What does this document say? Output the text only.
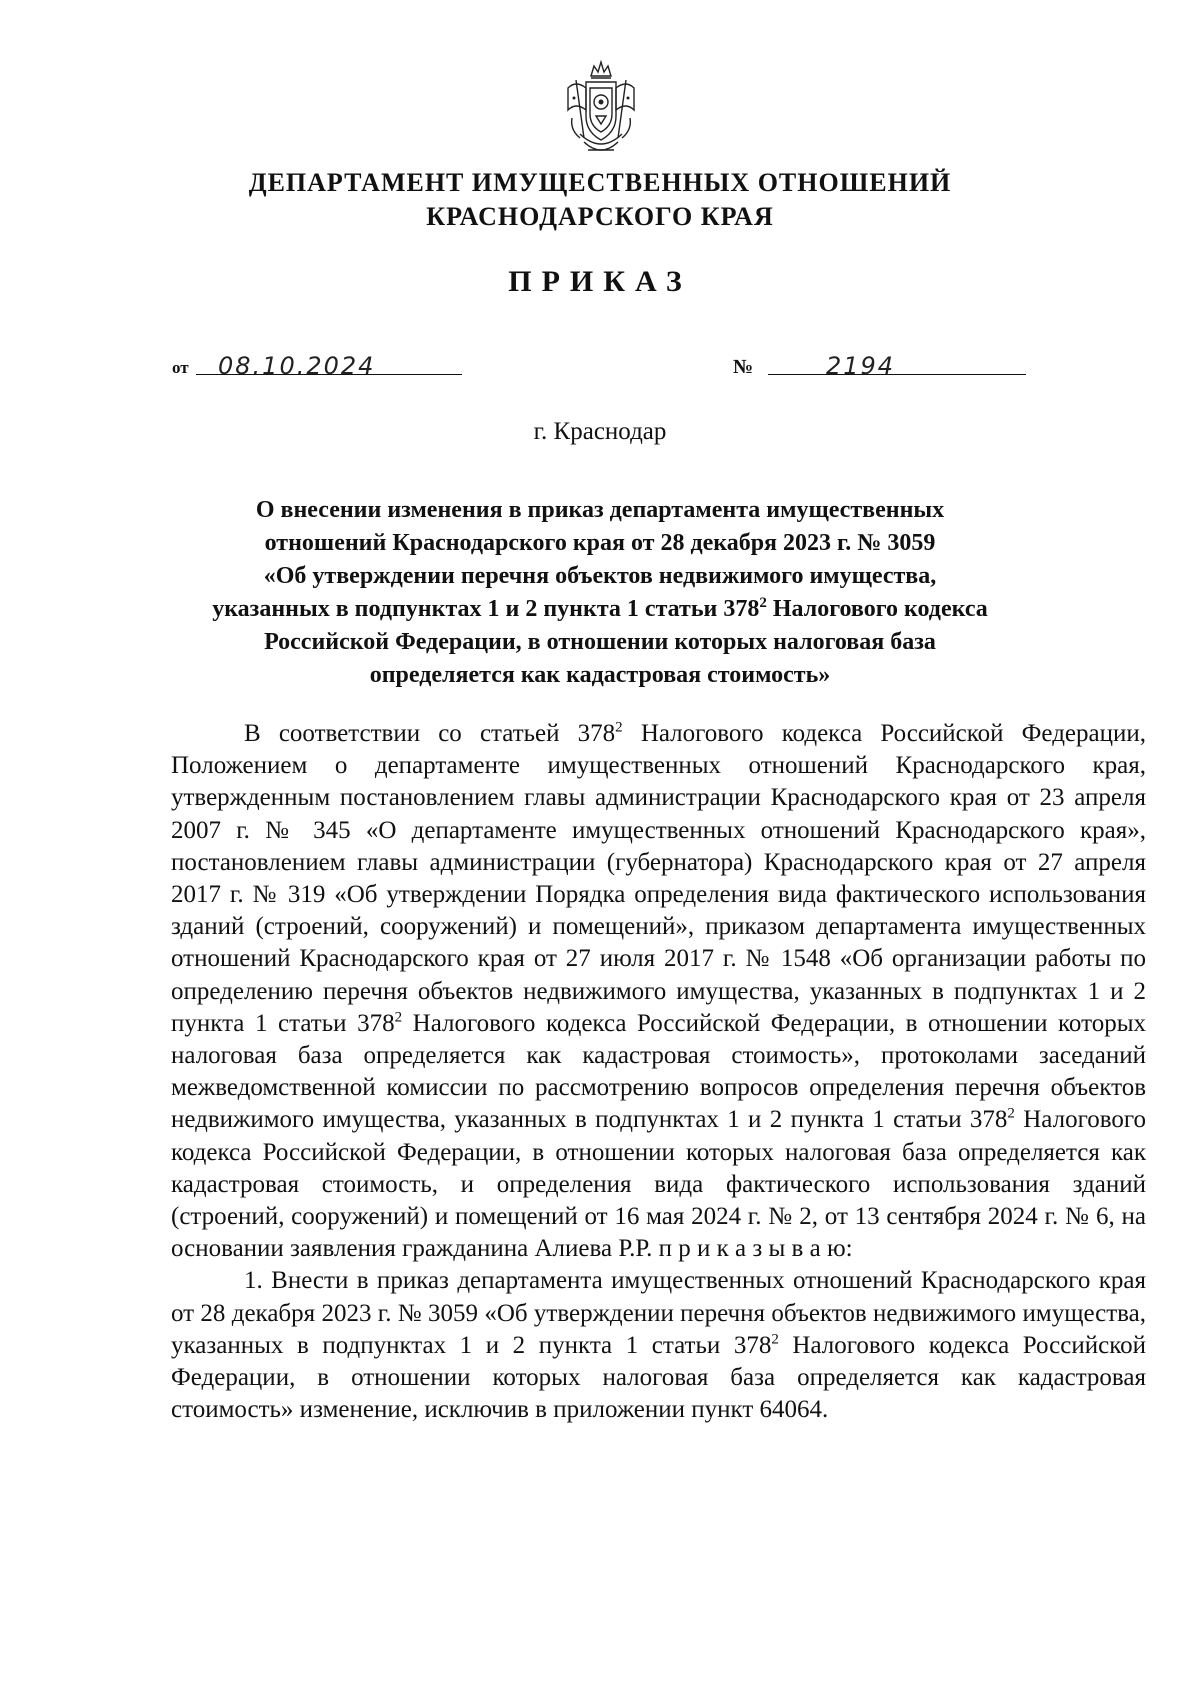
ДЕПАРТАМЕНТ ИМУЩЕСТВЕННЫХ ОТНОШЕНИЙ
КРАСНОДАРСКОГО КРАЯ
ПРИКАЗ
от 08.10.2024	№	2194
г. Краснодар
О внесении изменения в приказ департамента имущественных
отношений Краснодарского края от 28 декабря 2023 г. № 3059
«Об утверждении перечня объектов недвижимого имущества,
указанных в подпунктах 1 и 2 пункта 1 статьи $378^2$ Налогового кодекса
Российской Федерации, в отношении которых налоговая база
определяется как кадастровая стоимость»

В соответствии со статьей $378^2$ Налогового кодекса Российской Федерации, Положением о департаменте имущественных отношений Краснодарского края, утвержденным постановлением главы администрации Краснодарского края от 23 апреля 2007 г. № 345 «О департаменте имущественных отношений Краснодарского края», постановлением главы администрации (губернатора) Краснодарского края от 27 апреля 2017 г. № 319 «Об утверждении Порядка определения вида фактического использования зданий (строений, сооружений) и помещений», приказом департамента имущественных отношений Краснодарского края от 27 июля 2017 г. № 1548 «Об организации работы по определению перечня объектов недвижимого имущества, указанных в подпунктах 1 и 2 пункта 1 статьи $378^2$ Налогового кодекса Российской Федерации, в отношении которых налоговая база определяется как кадастровая стоимость», протоколами заседаний межведомственной комиссии по рассмотрению вопросов определения перечня объектов недвижимого имущества, указанных в подпунктах 1 и 2 пункта 1 статьи $378^2$ Налогового кодекса Российской Федерации, в отношении которых налоговая база определяется как кадастровая стоимость, и определения вида фактического использования зданий (строений, сооружений) и помещений от 16 мая 2024 г. № 2, от 13 сентября 2024 г. № 6, на основании заявления гражданина Алиева Р.Р. п р и к а з ы в а ю:

1. Внести в приказ департамента имущественных отношений Краснодарского края от 28 декабря 2023 г. № 3059 «Об утверждении перечня объектов недвижимого имущества, указанных в подпунктах 1 и 2 пункта 1 статьи $378^2$ Налогового кодекса Российской Федерации, в отношении которых налоговая база определяется как кадастровая стоимость» изменение, исключив в приложении пункт 64064.
